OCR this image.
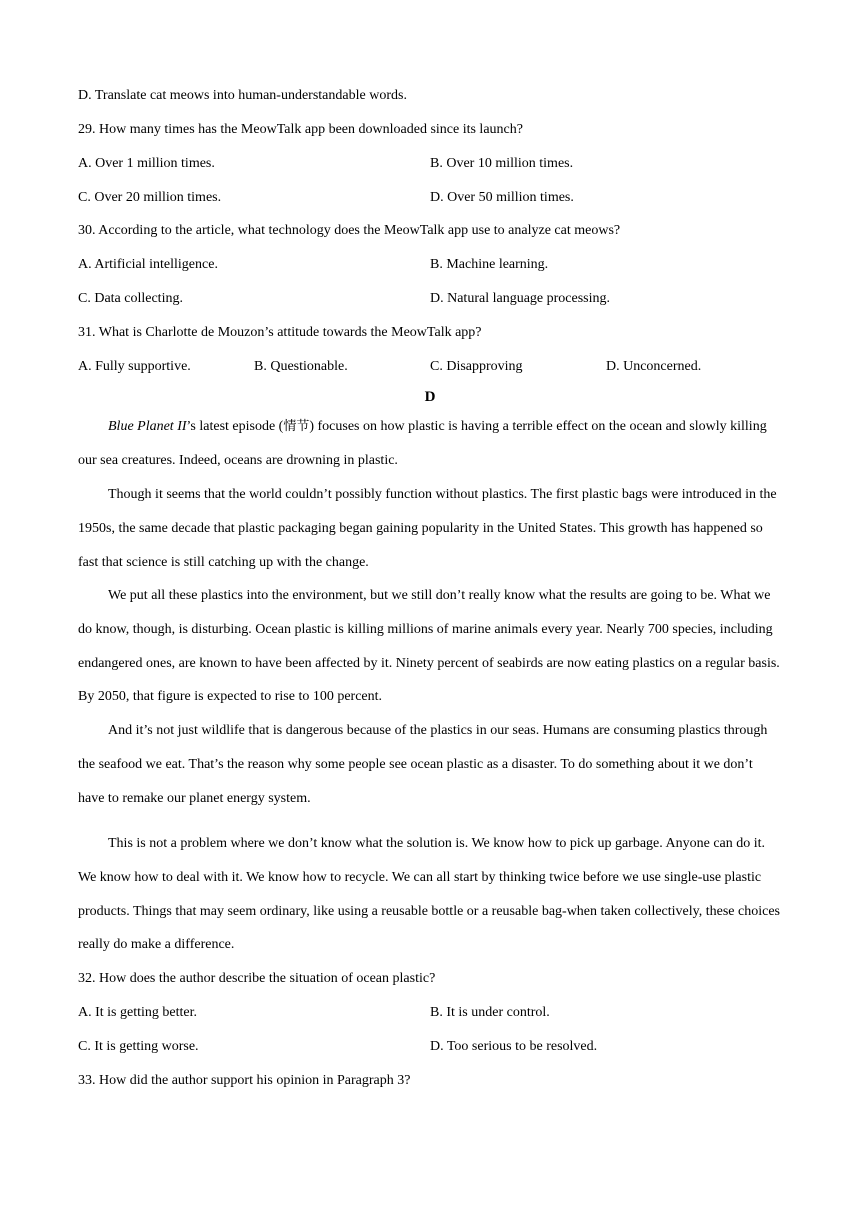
D. Translate cat meows into human-understandable words.
29. How many times has the MeowTalk app been downloaded since its launch?
A. Over 1 million times.	B. Over 10 million times.
C. Over 20 million times.	D. Over 50 million times.
30. According to the article, what technology does the MeowTalk app use to analyze cat meows?
A. Artificial intelligence.	B. Machine learning.
C. Data collecting.	D. Natural language processing.
31. What is Charlotte de Mouzon’s attitude towards the MeowTalk app?
A. Fully supportive.	B. Questionable.	C. Disapproving	D. Unconcerned.
D

Blue Planet II’s latest episode (情节) focuses on how plastic is having a terrible effect on the ocean and slowly killing our sea creatures. Indeed, oceans are drowning in plastic.

Though it seems that the world couldn’t possibly function without plastics. The first plastic bags were introduced in the 1950s, the same decade that plastic packaging began gaining popularity in the United States. This growth has happened so fast that science is still catching up with the change.

We put all these plastics into the environment, but we still don’t really know what the results are going to be. What we do know, though, is disturbing. Ocean plastic is killing millions of marine animals every year. Nearly 700 species, including endangered ones, are known to have been affected by it. Ninety percent of seabirds are now eating plastics on a regular basis. By 2050, that figure is expected to rise to 100 percent.

And it’s not just wildlife that is dangerous because of the plastics in our seas. Humans are consuming plastics through the seafood we eat. That’s the reason why some people see ocean plastic as a disaster. To do something about it we don’t have to remake our planet energy system.

This is not a problem where we don’t know what the solution is. We know how to pick up garbage. Anyone can do it. We know how to deal with it. We know how to recycle. We can all start by thinking twice before we use single-use plastic products. Things that may seem ordinary, like using a reusable bottle or a reusable bag-when taken collectively, these choices really do make a difference.

32. How does the author describe the situation of ocean plastic?
A. It is getting better.	B. It is under control.
C. It is getting worse.	D. Too serious to be resolved.
33. How did the author support his opinion in Paragraph 3?
